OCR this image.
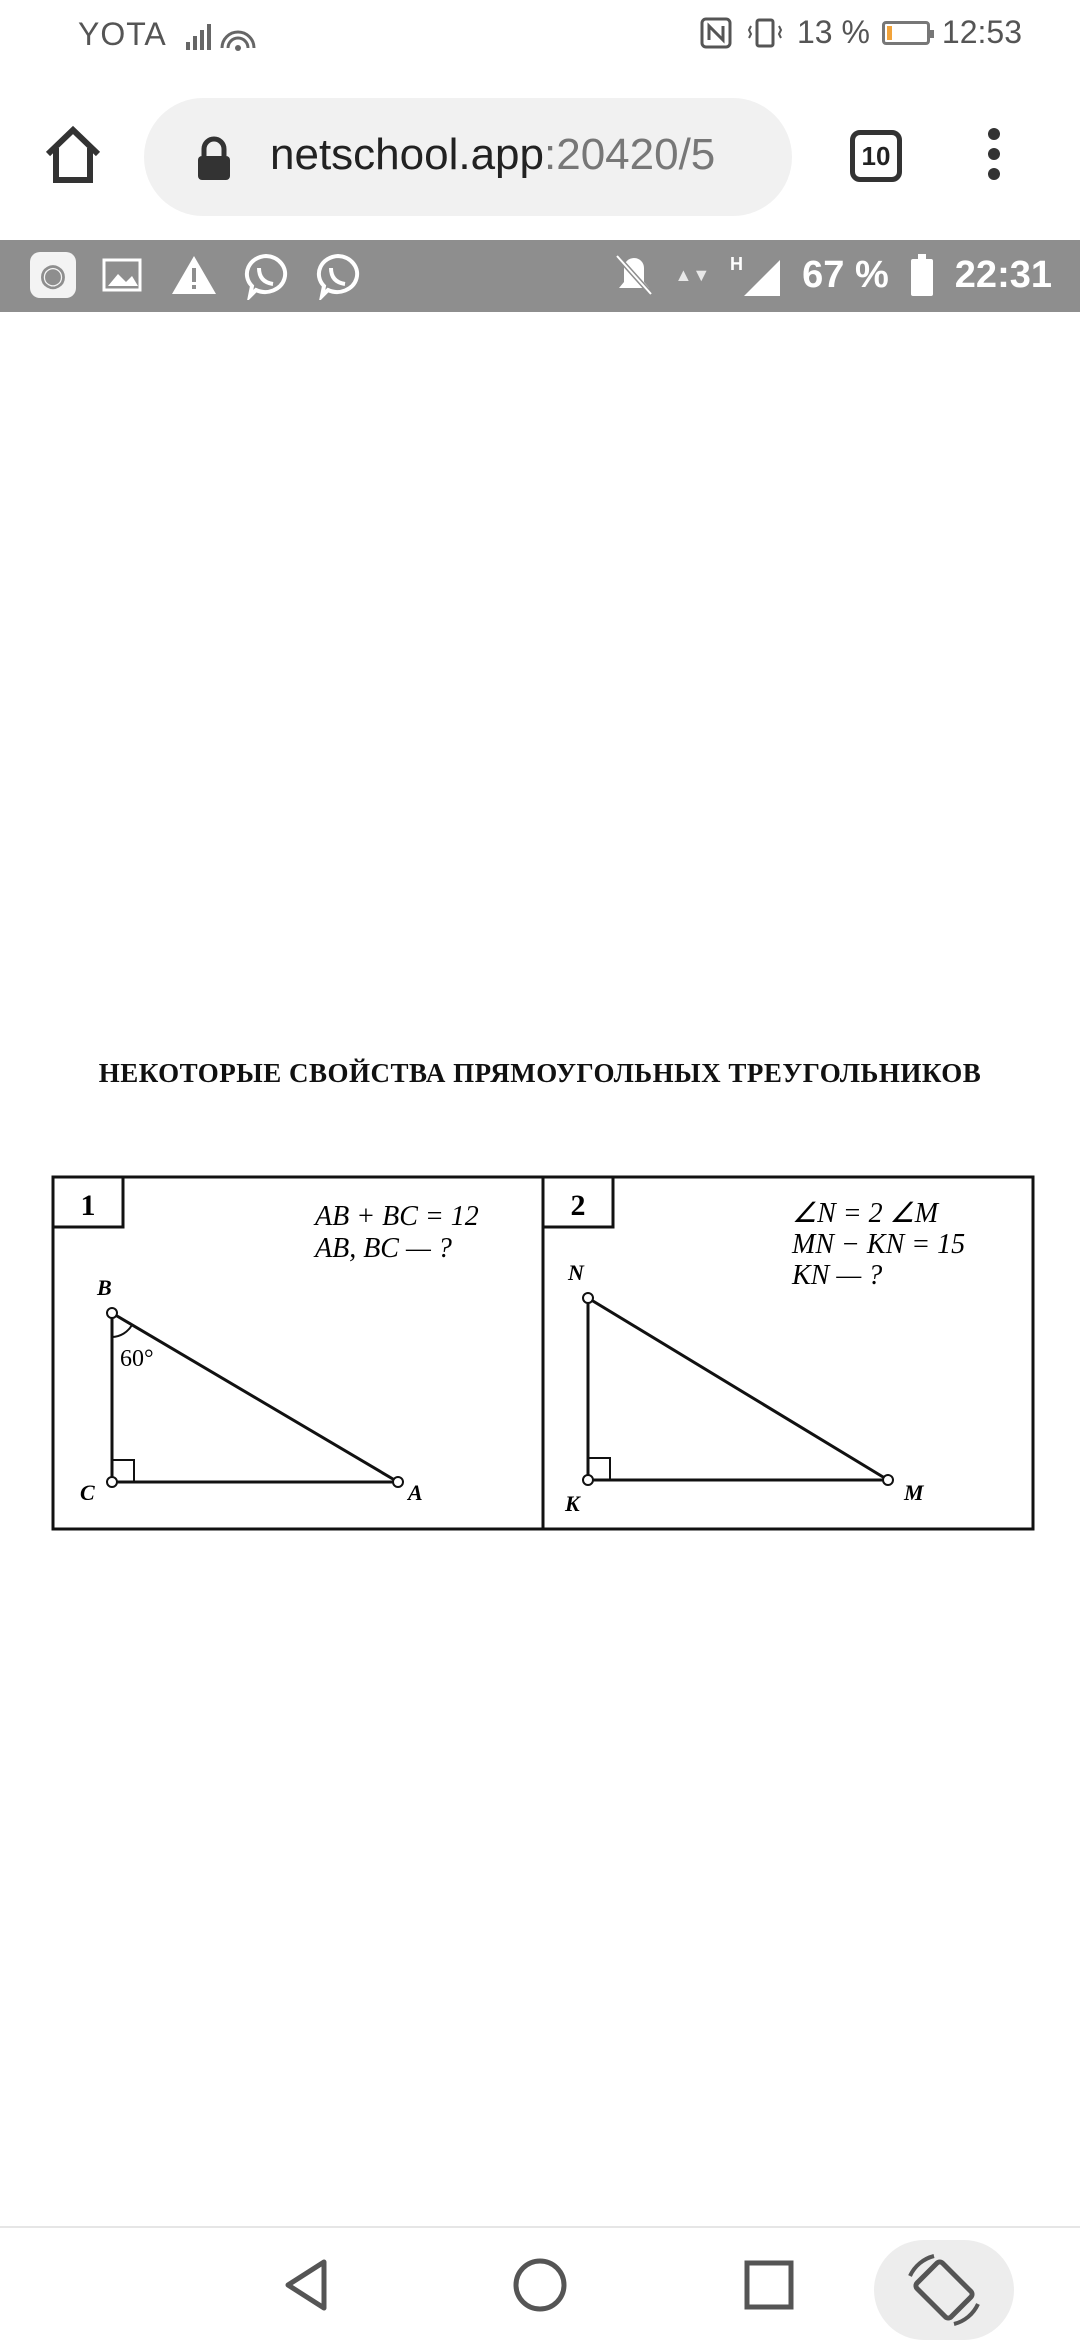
YOTA	13 % 12:53
netschool.app:20420/5	10
◉	▲▼
H 67 % 22:31
НЕКОТОРЫЕ СВОЙСТВА ПРЯМОУГОЛЬНЫХ ТРЕУГОЛЬНИКОВ
1	AB + BC = 12
AB, BC — ?
B
60°
C	A
2	∠N = 2 ∠M
MN − KN = 15
KN — ?
N
K	M
